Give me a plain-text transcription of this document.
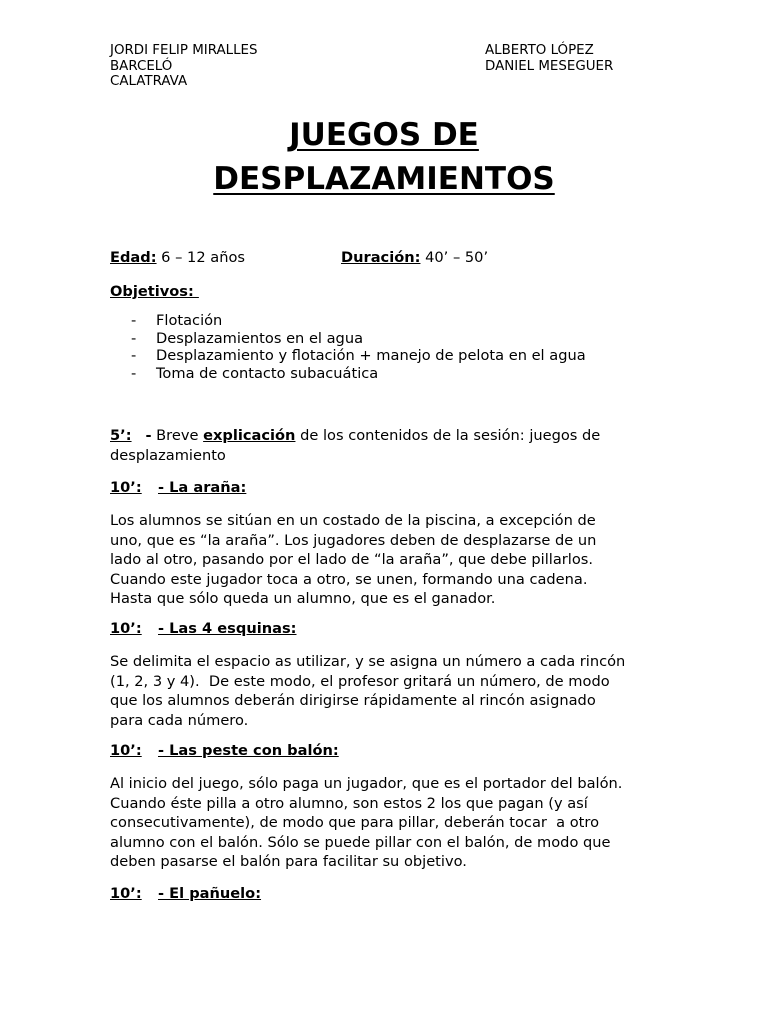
JORDI FELIP MIRALLES
BARCELÓ
CALATRAVA
ALBERTO LÓPEZ
DANIEL MESEGUER
JUEGOS DE
DESPLAZAMIENTOS
Edad: 6 – 12 años	Duración: 40’ – 50’
Objetivos:
- Flotación
- Desplazamientos en el agua
- Desplazamiento y flotación + manejo de pelota en el agua
- Toma de contacto subacuática
5’: - Breve explicación de los contenidos de la sesión: juegos de
desplazamiento
10’: - La araña:
Los alumnos se sitúan en un costado de la piscina, a excepción de
uno, que es “la araña”. Los jugadores deben de desplazarse de un
lado al otro, pasando por el lado de “la araña”, que debe pillarlos.
Cuando este jugador toca a otro, se unen, formando una cadena.
Hasta que sólo queda un alumno, que es el ganador.
10’: - Las 4 esquinas:
Se delimita el espacio as utilizar, y se asigna un número a cada rincón
(1, 2, 3 y 4).  De este modo, el profesor gritará un número, de modo
que los alumnos deberán dirigirse rápidamente al rincón asignado
para cada número.
10’: - Las peste con balón:
Al inicio del juego, sólo paga un jugador, que es el portador del balón.
Cuando éste pilla a otro alumno, son estos 2 los que pagan (y así
consecutivamente), de modo que para pillar, deberán tocar  a otro
alumno con el balón. Sólo se puede pillar con el balón, de modo que
deben pasarse el balón para facilitar su objetivo.
10’: - El pañuelo:
